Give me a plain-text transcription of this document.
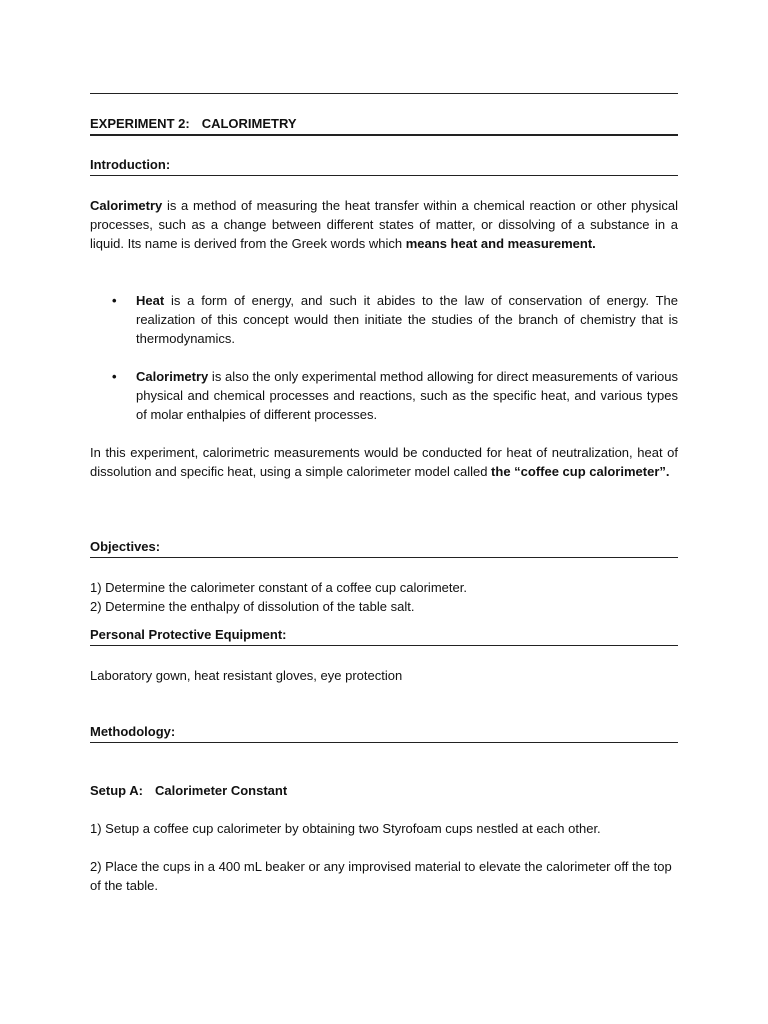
EXPERIMENT 2: CALORIMETRY
Introduction:
Calorimetry is a method of measuring the heat transfer within a chemical reaction or other physical processes, such as a change between different states of matter, or dissolving of a substance in a liquid. Its name is derived from the Greek words which means heat and measurement.
• Heat is a form of energy, and such it abides to the law of conservation of energy. The realization of this concept would then initiate the studies of the branch of chemistry that is thermodynamics.
• Calorimetry is also the only experimental method allowing for direct measurements of various physical and chemical processes and reactions, such as the specific heat, and various types of molar enthalpies of different processes.
In this experiment, calorimetric measurements would be conducted for heat of neutralization, heat of dissolution and specific heat, using a simple calorimeter model called the “coffee cup calorimeter”.
Objectives:
1) Determine the calorimeter constant of a coffee cup calorimeter.
2) Determine the enthalpy of dissolution of the table salt.
Personal Protective Equipment:
Laboratory gown, heat resistant gloves, eye protection
Methodology:
Setup A: Calorimeter Constant
1) Setup a coffee cup calorimeter by obtaining two Styrofoam cups nestled at each other.
2) Place the cups in a 400 mL beaker or any improvised material to elevate the calorimeter off the top of the table.
